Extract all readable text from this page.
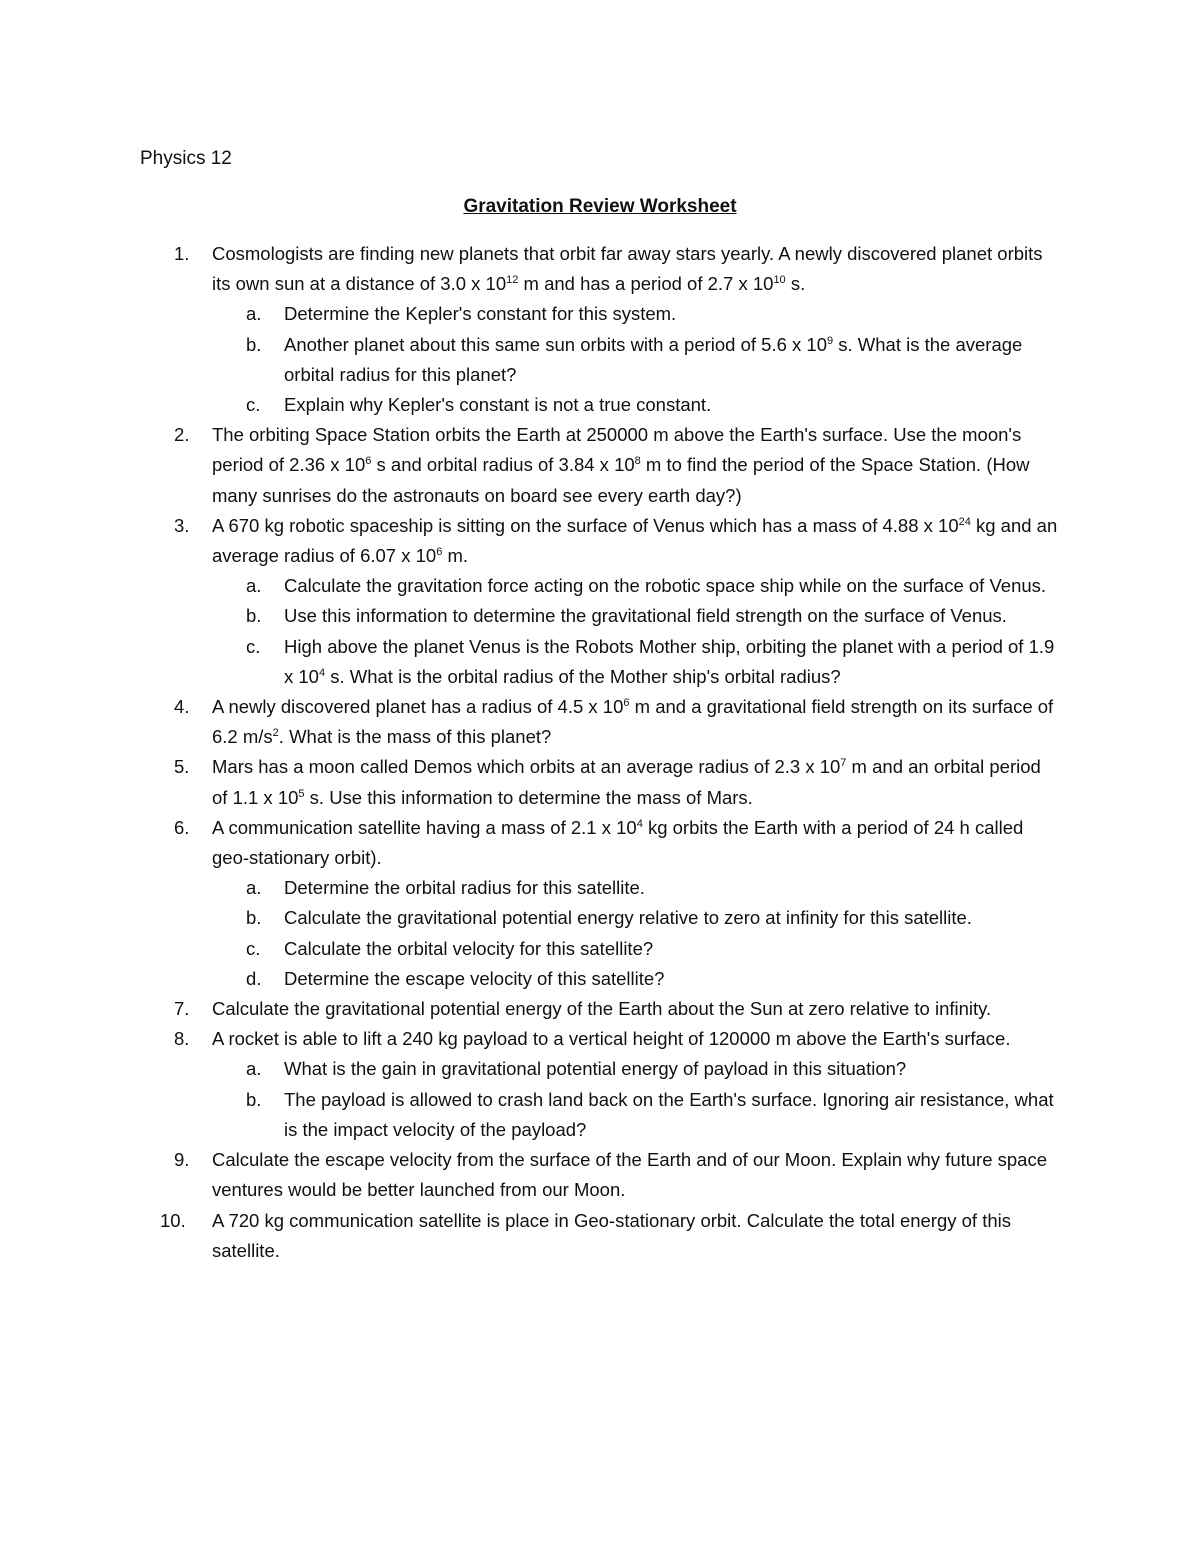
Physics 12
Gravitation Review Worksheet
1.	Cosmologists are finding new planets that orbit far away stars yearly. A newly discovered planet orbits its own sun at a distance of 3.0 x $10^{12}$ m and has a period of 2.7 x $10^{10}$ s.
a.	Determine the Kepler's constant for this system.
b.	Another planet about this same sun orbits with a period of 5.6 x $10^9$ s. What is the average orbital radius for this planet?
c.	Explain why Kepler's constant is not a true constant.
2.	The orbiting Space Station orbits the Earth at 250000 m above the Earth's surface. Use the moon's period of 2.36 x $10^6$ s and orbital radius of 3.84 x $10^8$ m to find the period of the Space Station. (How many sunrises do the astronauts on board see every earth day?)
3.	A 670 kg robotic spaceship is sitting on the surface of Venus which has a mass of 4.88 x $10^{24}$ kg and an average radius of 6.07 x $10^6$ m.
a.	Calculate the gravitation force acting on the robotic space ship while on the surface of Venus.
b.	Use this information to determine the gravitational field strength on the surface of Venus.
c.	High above the planet Venus is the Robots Mother ship, orbiting the planet with a period of 1.9 x $10^4$ s. What is the orbital radius of the Mother ship's orbital radius?
4.	A newly discovered planet has a radius of 4.5 x $10^6$ m and a gravitational field strength on its surface of 6.2 $m/s^2$. What is the mass of this planet?
5.	Mars has a moon called Demos which orbits at an average radius of 2.3 x $10^7$ m and an orbital period of 1.1 x $10^5$ s. Use this information to determine the mass of Mars.
6.	A communication satellite having a mass of 2.1 x $10^4$ kg orbits the Earth with a period of 24 h called geo-stationary orbit).
a.	Determine the orbital radius for this satellite.
b.	Calculate the gravitational potential energy relative to zero at infinity for this satellite.
c.	Calculate the orbital velocity for this satellite?
d.	Determine the escape velocity of this satellite?
7.	Calculate the gravitational potential energy of the Earth about the Sun at zero relative to infinity.
8.	A rocket is able to lift a 240 kg payload to a vertical height of 120000 m above the Earth's surface.
a.	What is the gain in gravitational potential energy of payload in this situation?
b.	The payload is allowed to crash land back on the Earth's surface. Ignoring air resistance, what is the impact velocity of the payload?
9.	Calculate the escape velocity from the surface of the Earth and of our Moon. Explain why future space ventures would be better launched from our Moon.
10.	A 720 kg communication satellite is place in Geo-stationary orbit. Calculate the total energy of this satellite.
